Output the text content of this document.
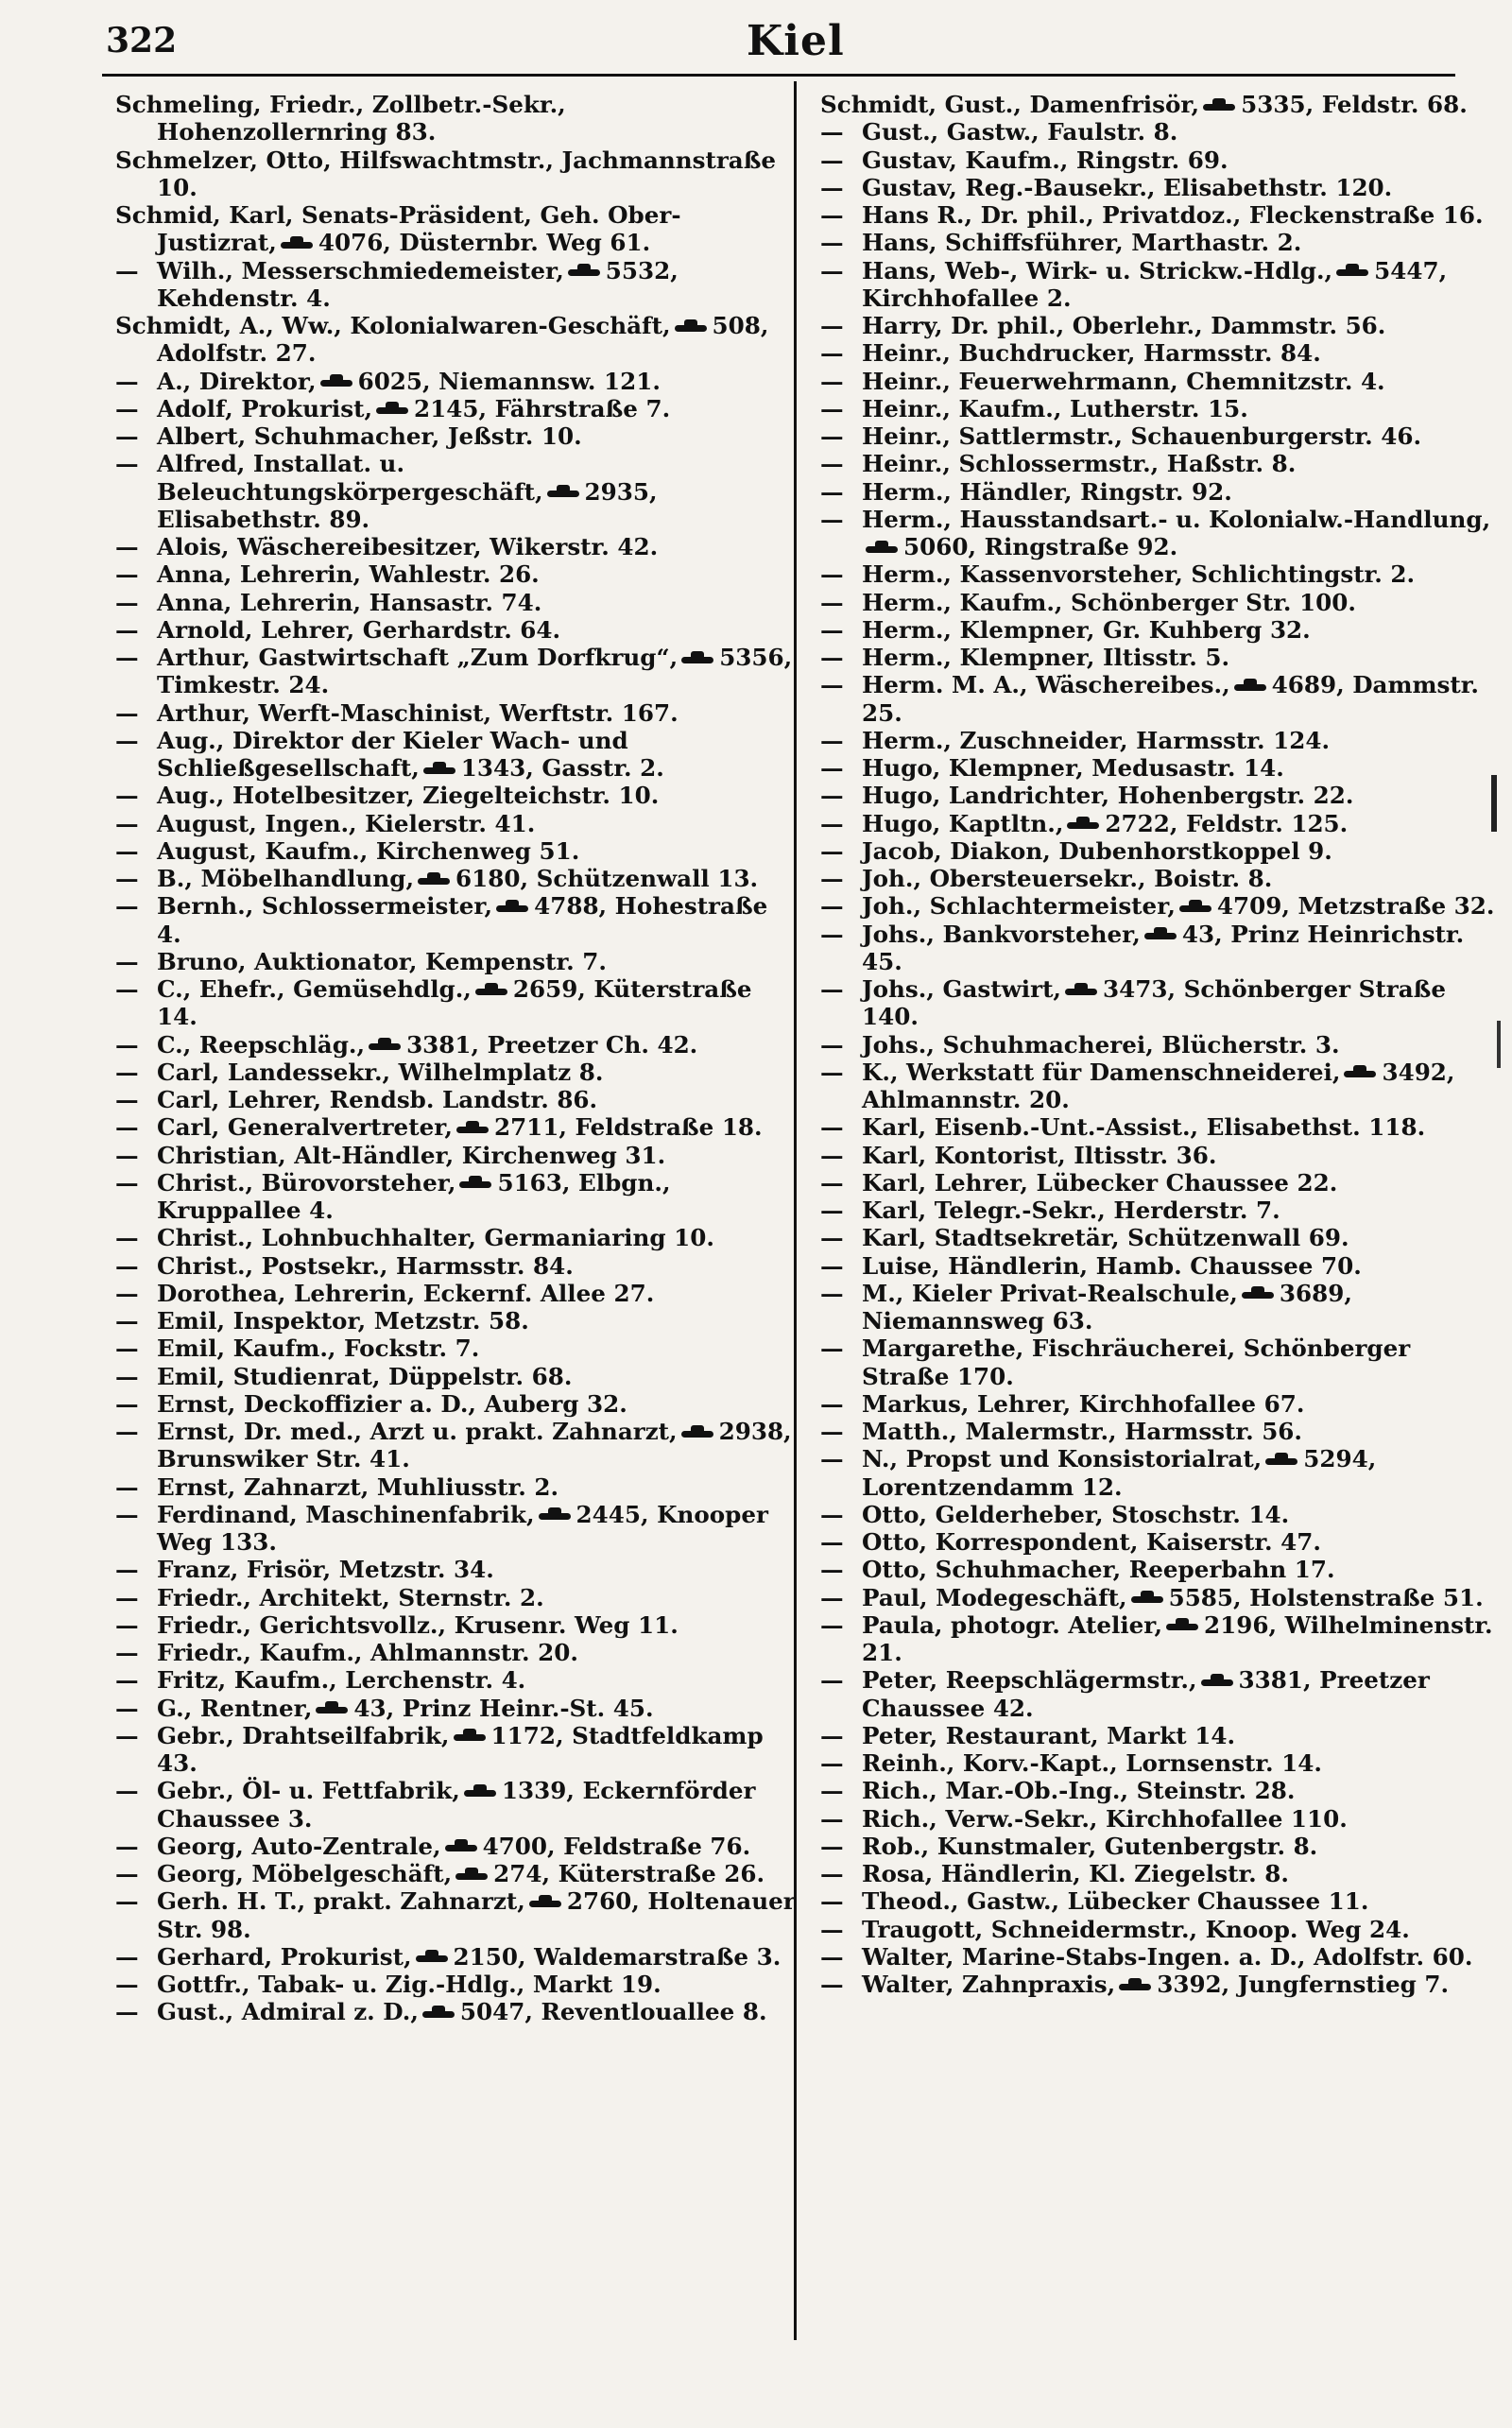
322	Kiel

Schmeling, Friedr., Zollbetr.-Sekr., Hohenzollernring 83.

Schmelzer, Otto, Hilfswachtmstr., Jachmannstraße 10.

Schmid, Karl, Senats-Präsident, Geh. Ober-Justizrat, 4076, Düsternbr. Weg 61.

— Wilh., Messerschmiedemeister, 5532, Kehdenstr. 4.

Schmidt, A., Ww., Kolonialwaren-Geschäft, 508, Adolfstr. 27.

— A., Direktor, 6025, Niemannsw. 121.

— Adolf, Prokurist, 2145, Fährstraße 7.

— Albert, Schuhmacher, Jeßstr. 10.

— Alfred, Installat. u. Beleuchtungskörpergeschäft, 2935, Elisabethstr. 89.

— Alois, Wäschereibesitzer, Wikerstr. 42.

— Anna, Lehrerin, Wahlestr. 26.

— Anna, Lehrerin, Hansastr. 74.

— Arnold, Lehrer, Gerhardstr. 64.

— Arthur, Gastwirtschaft „Zum Dorfkrug“, 5356, Timkestr. 24.

— Arthur, Werft-Maschinist, Werftstr. 167.

— Aug., Direktor der Kieler Wach- und Schließgesellschaft, 1343, Gasstr. 2.

— Aug., Hotelbesitzer, Ziegelteichstr. 10.

— August, Ingen., Kielerstr. 41.

— August, Kaufm., Kirchenweg 51.

— B., Möbelhandlung, 6180, Schützenwall 13.

— Bernh., Schlossermeister, 4788, Hohestraße 4.

— Bruno, Auktionator, Kempenstr. 7.

— C., Ehefr., Gemüsehdlg., 2659, Küterstraße 14.

— C., Reepschläg., 3381, Preetzer Ch. 42.

— Carl, Landessekr., Wilhelmplatz 8.

— Carl, Lehrer, Rendsb. Landstr. 86.

— Carl, Generalvertreter, 2711, Feldstraße 18.

— Christian, Alt-Händler, Kirchenweg 31.

— Christ., Bürovorsteher, 5163, Elbgn., Kruppallee 4.

— Christ., Lohnbuchhalter, Germaniaring 10.

— Christ., Postsekr., Harmsstr. 84.

— Dorothea, Lehrerin, Eckernf. Allee 27.

— Emil, Inspektor, Metzstr. 58.

— Emil, Kaufm., Fockstr. 7.

— Emil, Studienrat, Düppelstr. 68.

— Ernst, Deckoffizier a. D., Auberg 32.

— Ernst, Dr. med., Arzt u. prakt. Zahnarzt, 2938, Brunswiker Str. 41.

— Ernst, Zahnarzt, Muhliusstr. 2.

— Ferdinand, Maschinenfabrik, 2445, Knooper Weg 133.

— Franz, Frisör, Metzstr. 34.

— Friedr., Architekt, Sternstr. 2.

— Friedr., Gerichtsvollz., Krusenr. Weg 11.

— Friedr., Kaufm., Ahlmannstr. 20.

— Fritz, Kaufm., Lerchenstr. 4.

— G., Rentner, 43, Prinz Heinr.-St. 45.

— Gebr., Drahtseilfabrik, 1172, Stadtfeldkamp 43.

— Gebr., Öl- u. Fettfabrik, 1339, Eckernförder Chaussee 3.

— Georg, Auto-Zentrale, 4700, Feldstraße 76.

— Georg, Möbelgeschäft, 274, Küterstraße 26.

— Gerh. H. T., prakt. Zahnarzt, 2760, Holtenauer Str. 98.

— Gerhard, Prokurist, 2150, Waldemarstraße 3.

— Gottfr., Tabak- u. Zig.-Hdlg., Markt 19.

— Gust., Admiral z. D., 5047, Reventlouallee 8.

Schmidt, Gust., Damenfrisör, 5335, Feldstr. 68.

— Gust., Gastw., Faulstr. 8.

— Gustav, Kaufm., Ringstr. 69.

— Gustav, Reg.-Bausekr., Elisabethstr. 120.

— Hans R., Dr. phil., Privatdoz., Fleckenstraße 16.

— Hans, Schiffsführer, Marthastr. 2.

— Hans, Web-, Wirk- u. Strickw.-Hdlg., 5447, Kirchhofallee 2.

— Harry, Dr. phil., Oberlehr., Dammstr. 56.

— Heinr., Buchdrucker, Harmsstr. 84.

— Heinr., Feuerwehrmann, Chemnitzstr. 4.

— Heinr., Kaufm., Lutherstr. 15.

— Heinr., Sattlermstr., Schauenburgerstr. 46.

— Heinr., Schlossermstr., Haßstr. 8.

— Herm., Händler, Ringstr. 92.

— Herm., Hausstandsart.- u. Kolonialw.-Handlung,5060, Ringstraße 92.

— Herm., Kassenvorsteher, Schlichtingstr. 2.

— Herm., Kaufm., Schönberger Str. 100.

— Herm., Klempner, Gr. Kuhberg 32.

— Herm., Klempner, Iltisstr. 5.

— Herm. M. A., Wäschereibes., 4689, Dammstr. 25.

— Herm., Zuschneider, Harmsstr. 124.

— Hugo, Klempner, Medusastr. 14.

— Hugo, Landrichter, Hohenbergstr. 22.

— Hugo, Kaptltn., 2722, Feldstr. 125.

— Jacob, Diakon, Dubenhorstkoppel 9.

— Joh., Obersteuersekr., Boistr. 8.

— Joh., Schlachtermeister, 4709, Metzstraße 32.

— Johs., Bankvorsteher, 43, Prinz Heinrichstr. 45.

— Johs., Gastwirt, 3473, Schönberger Straße 140.

— Johs., Schuhmacherei, Blücherstr. 3.

— K., Werkstatt für Damenschneiderei, 3492, Ahlmannstr. 20.

— Karl, Eisenb.-Unt.-Assist., Elisabethst. 118.

— Karl, Kontorist, Iltisstr. 36.

— Karl, Lehrer, Lübecker Chaussee 22.

— Karl, Telegr.-Sekr., Herderstr. 7.

— Karl, Stadtsekretär, Schützenwall 69.

— Luise, Händlerin, Hamb. Chaussee 70.

— M., Kieler Privat-Realschule, 3689, Niemannsweg 63.

— Margarethe, Fischräucherei, Schönberger Straße 170.

— Markus, Lehrer, Kirchhofallee 67.

— Matth., Malermstr., Harmsstr. 56.

— N., Propst und Konsistorialrat, 5294, Lorentzendamm 12.

— Otto, Gelderheber, Stoschstr. 14.

— Otto, Korrespondent, Kaiserstr. 47.

— Otto, Schuhmacher, Reeperbahn 17.

— Paul, Modegeschäft, 5585, Holstenstraße 51.

— Paula, photogr. Atelier, 2196, Wilhelminenstr. 21.

— Peter, Reepschlägermstr., 3381, Preetzer Chaussee 42.

— Peter, Restaurant, Markt 14.

— Reinh., Korv.-Kapt., Lornsenstr. 14.

— Rich., Mar.-Ob.-Ing., Steinstr. 28.

— Rich., Verw.-Sekr., Kirchhofallee 110.

— Rob., Kunstmaler, Gutenbergstr. 8.

— Rosa, Händlerin, Kl. Ziegelstr. 8.

— Theod., Gastw., Lübecker Chaussee 11.

— Traugott, Schneidermstr., Knoop. Weg 24.

— Walter, Marine-Stabs-Ingen. a. D., Adolfstr. 60.

— Walter, Zahnpraxis, 3392, Jungfernstieg 7.
